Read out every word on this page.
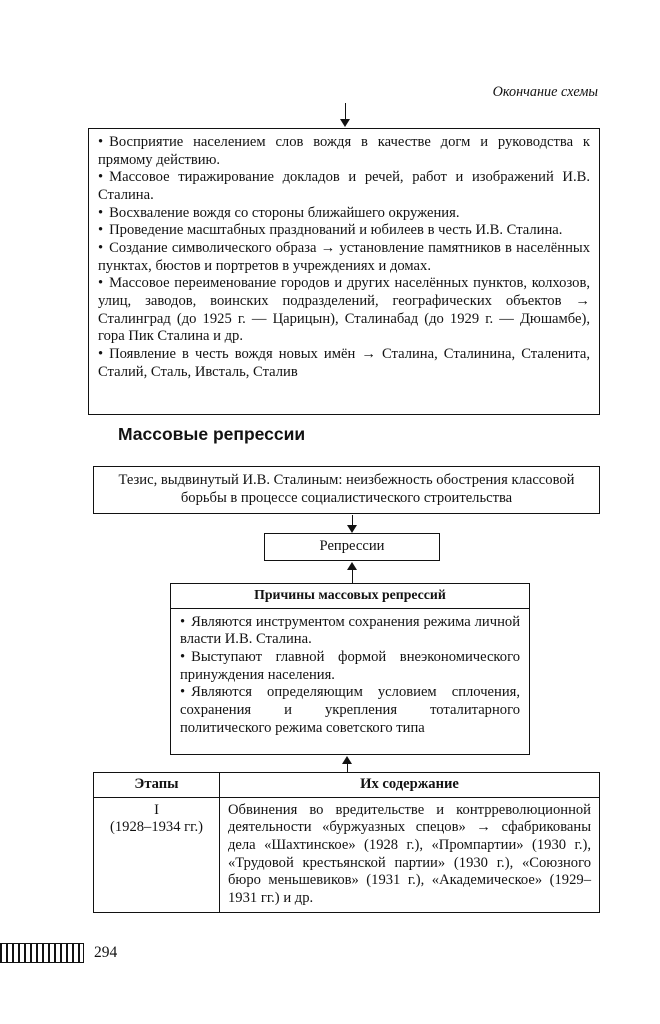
Окончание схемы

• Восприятие населением слов вождя в качестве догм и руководства к прямому действию.

• Массовое тиражирование докладов и речей, работ и изображений И.В. Сталина.

• Восхваление вождя со стороны ближайшего окружения.

• Проведение масштабных празднований и юбилеев в честь И.В. Сталина.

• Создание символического образа → установление памятников в населённых пунктах, бюстов и портретов в учреждениях и домах.

• Массовое переименование городов и других населённых пунктов, колхозов, улиц, заводов, воинских подразделений, географических объектов → Сталинград (до 1925 г. — Царицын), Сталинабад (до 1929 г. — Дюшамбе), гора Пик Сталина и др.

• Появление в честь вождя новых имён → Сталина, Сталинина, Сталенита, Сталий, Сталь, Ивсталь, Сталив

Массовые репрессии
Тезис, выдвинутый И.В. Сталиным: неизбежность обострения классовой борьбы в процессе социалистического строительства
Репрессии
Причины массовых репрессий

• Являются инструментом сохранения режима личной власти И.В. Сталина.

• Выступают главной формой внеэкономического принуждения населения.

• Являются определяющим условием сплочения, сохранения и укрепления тоталитарного политического режима советского типа

Этапы	Их содержание

I
(1928–1934 гг.)	Обвинения во вредительстве и контрреволюционной деятельности «буржуазных спецов» → сфабрикованы дела «Шахтинское» (1928 г.), «Промпартии» (1930 г.), «Трудовой крестьянской партии» (1930 г.), «Союзного бюро меньшевиков» (1931 г.), «Академическое» (1929–1931 гг.) и др.
294
